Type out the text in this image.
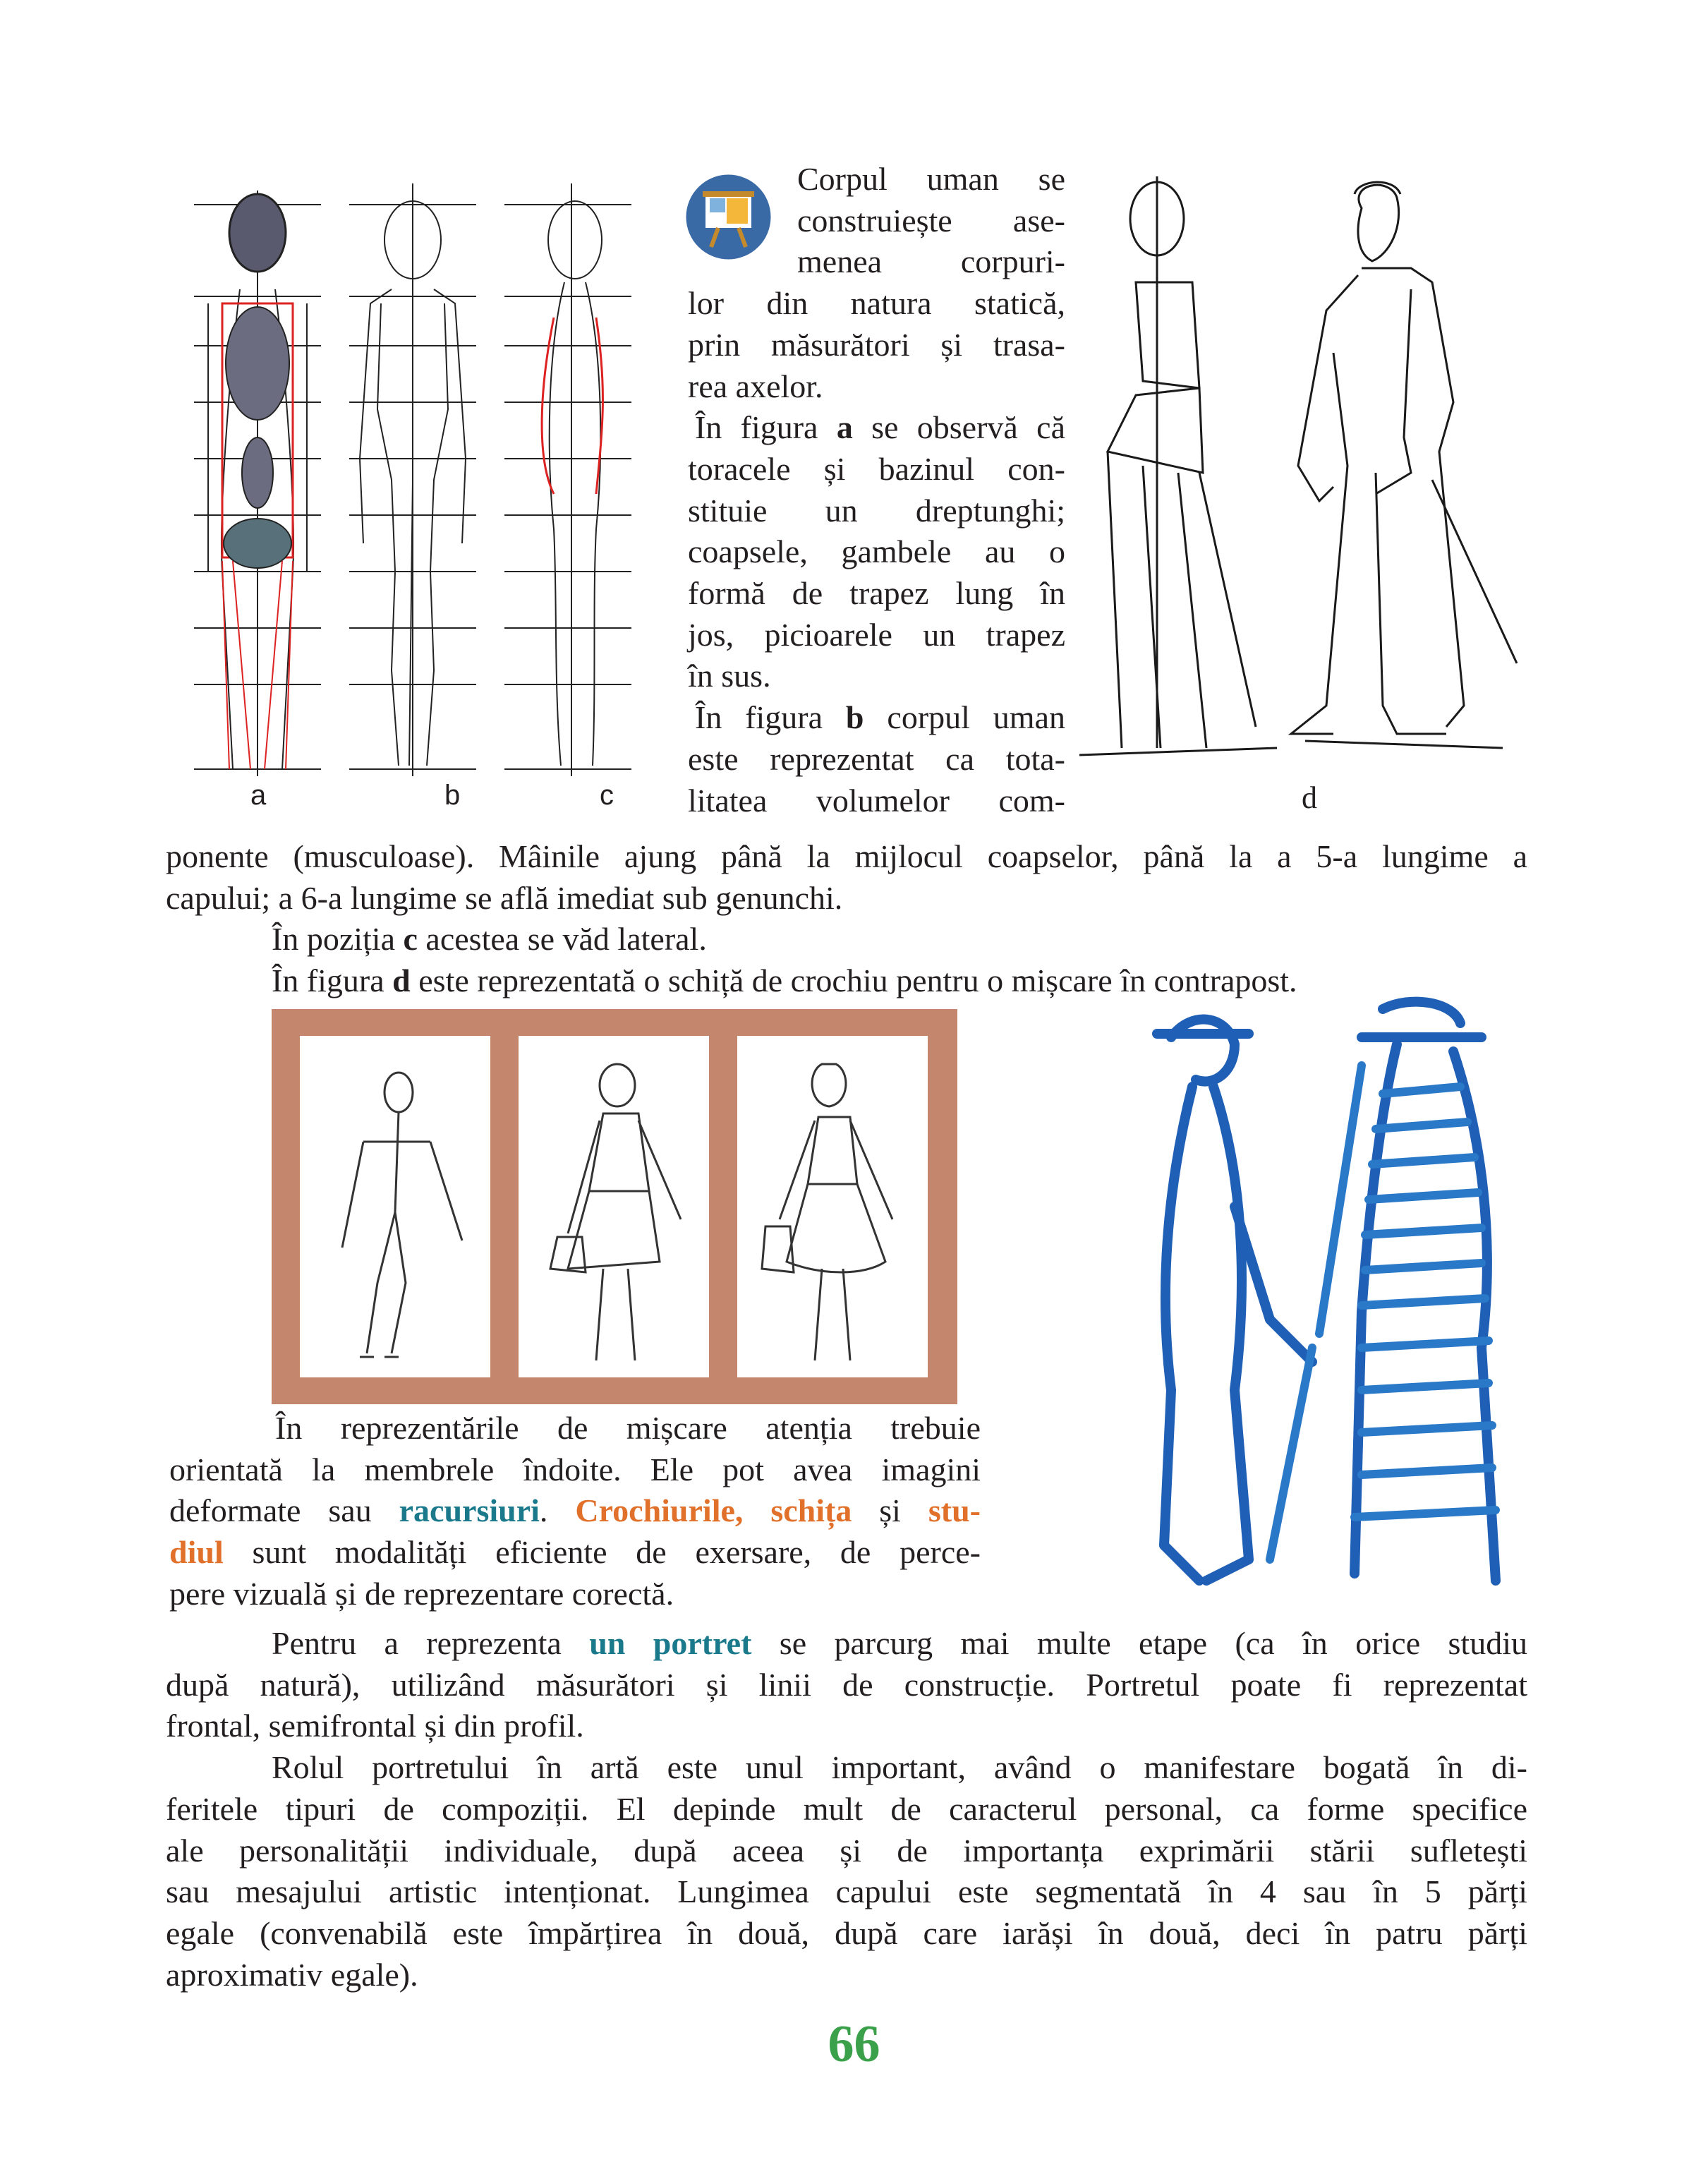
a	b	c
Corpul uman se
construiește ase-
menea corpuri-
lor din natura statică,
prin măsurători și trasa-
rea axelor.
În figura a se observă că
toracele și bazinul con-
stituie un dreptunghi;
coapsele, gambele au o
formă de trapez lung în
jos, picioarele un trapez
în sus.
În figura b corpul uman
este reprezentat ca tota-
litatea volumelor com-	d
ponente (musculoase). Mâinile ajung până la mijlocul coapselor, până la a 5-a lungime a
capului; a 6-a lungime se află imediat sub genunchi.
În poziția c acestea se văd lateral.
În figura d este reprezentată o schiță de crochiu pentru o mișcare în contrapost.
În reprezentările de mișcare atenția trebuie
orientată la membrele îndoite. Ele pot avea imagini
deformate sau racursiuri. Crochiurile, schița și stu-
diul sunt modalități eficiente de exersare, de perce-
pere vizuală și de reprezentare corectă.
Pentru a reprezenta un portret se parcurg mai multe etape (ca în orice studiu
după natură), utilizând măsurători și linii de construcție. Portretul poate fi reprezentat
frontal, semifrontal și din profil.
Rolul portretului în artă este unul important, având o manifestare bogată în di-
feritele tipuri de compoziții. El depinde mult de caracterul personal, ca forme specifice
ale personalității individuale, după aceea și de importanța exprimării stării sufletești
sau mesajului artistic intenționat. Lungimea capului este segmentată în 4 sau în 5 părți
egale (convenabilă este împărțirea în două, după care iarăși în două, deci în patru părți
aproximativ egale).
66
